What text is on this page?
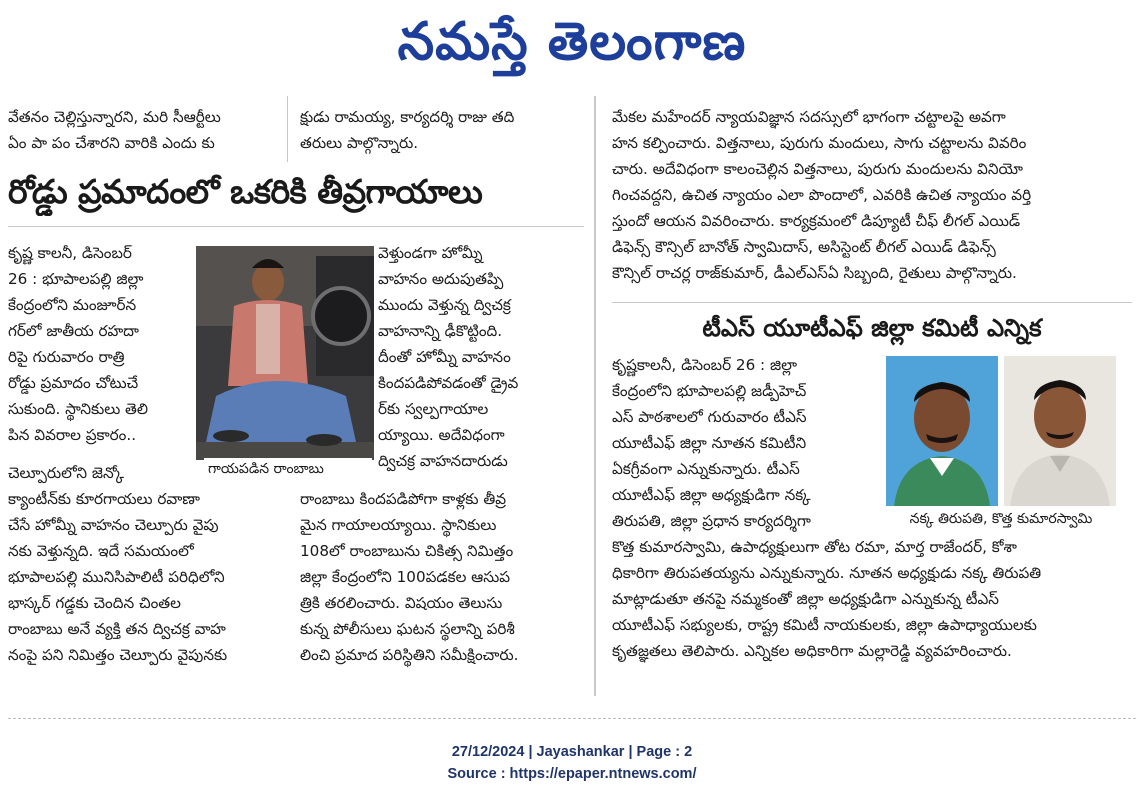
నమస్తే తెలంగాణ

వేతనం చెల్లిస్తున్నారని, మరి సీఆర్టీలు

ఏం పా పం చేశారని వారికి ఎందు కు

క్షుడు రామయ్య, కార్యదర్శి రాజు తది

తరులు పాల్గొన్నారు.

రోడ్డు ప్రమాదంలో ఒకరికి తీవ్రగాయాలు

కృష్ణ కాలనీ, డిసెంబర్

26 : భూపాలపల్లి జిల్లా

కేంద్రంలోని మంజూర్‌న

గర్‌లో జాతీయ రహదా

రిపై గురువారం రాత్రి

రోడ్డు ప్రమాదం చోటుచే

సుకుంది. స్థానికులు తెలి

పిన వివరాల ప్రకారం..

గాయపడిన రాంబాబు

వెళ్తుండగా హోమ్నీ

వాహనం అదుపుతప్పి

ముందు వెళ్తున్న ద్విచక్ర

వాహనాన్ని ఢీకొట్టింది.

దీంతో హోమ్నీ వాహనం

కిందపడిపోవడంతో డ్రైవ

ర్‌కు స్వల్పగాయాల

య్యాయి. అదేవిధంగా

ద్విచక్ర వాహనదారుడు

చెల్పూరులోని జెన్కో

క్యాంటీన్‌కు కూరగాయలు రవాణా

చేసే హోమ్నీ వాహనం చెల్పూరు వైపు

నకు వెళ్తున్నది. ఇదే సమయంలో

భూపాలపల్లి మునిసిపాలిటీ పరిధిలోని

భాస్కర్ గడ్డకు చెందిన చింతల

రాంబాబు అనే వ్యక్తి తన ద్విచక్ర వాహ

నంపై పని నిమిత్తం చెల్పూరు వైపునకు

రాంబాబు కిందపడిపోగా కాళ్లకు తీవ్ర

మైన గాయాలయ్యాయి. స్థానికులు

108లో రాంబాబును చికిత్స నిమిత్తం

జిల్లా కేంద్రంలోని 100పడకల ఆసుప

త్రికి తరలించారు. విషయం తెలుసు

కున్న పోలీసులు ఘటన స్థలాన్ని పరిశీ

లించి ప్రమాద పరిస్థితిని సమీక్షించారు.

మేకల మహేందర్ న్యాయవిజ్ఞాన సదస్సులో భాగంగా చట్టాలపై అవగా

హన కల్పించారు. విత్తనాలు, పురుగు మందులు, సాగు చట్టాలను వివరిం

చారు. అదేవిధంగా కాలంచెల్లిన విత్తనాలు, పురుగు మందులను వినియో

గించవద్దని, ఉచిత న్యాయం ఎలా పొందాలో, ఎవరికి ఉచిత న్యాయం వర్తి

స్తుందో ఆయన వివరించారు. కార్యక్రమంలో డిప్యూటీ చీఫ్ లీగల్ ఎయిడ్

డిఫెన్స్ కౌన్సిల్ బానోత్ స్వామిదాస్, అసిస్టెంట్ లీగల్ ఎయిడ్ డిఫెన్స్

కౌన్సిల్ రాచర్ల రాజ్‌కుమార్, డీఎల్‌ఎస్‌ఏ సిబ్బంది, రైతులు పాల్గొన్నారు.

టీఎస్ యూటీఎఫ్ జిల్లా కమిటీ ఎన్నిక

కృష్ణకాలనీ, డిసెంబర్ 26 : జిల్లా

కేంద్రంలోని భూపాలపల్లి జడ్పీహెచ్

ఎస్ పాఠశాలలో గురువారం టీఎస్

యూటీఎఫ్ జిల్లా నూతన కమిటీని

ఏకగ్రీవంగా ఎన్నుకున్నారు. టీఎస్

యూటీఎఫ్ జిల్లా అధ్యక్షుడిగా నక్క

తిరుపతి, జిల్లా ప్రధాన కార్యదర్శిగా	నక్క తిరుపతి, కొత్త కుమారస్వామి

కొత్త కుమారస్వామి, ఉపాధ్యక్షులుగా తోట రమా, మార్త రాజేందర్, కోశా

ధికారిగా తిరుపతయ్యను ఎన్నుకున్నారు. నూతన అధ్యక్షుడు నక్క తిరుపతి

మాట్లాడుతూ తనపై నమ్మకంతో జిల్లా అధ్యక్షుడిగా ఎన్నుకున్న టీఎస్

యూటీఎఫ్ సభ్యులకు, రాష్ట్ర కమిటీ నాయకులకు, జిల్లా ఉపాధ్యాయులకు

కృతజ్ఞతలు తెలిపారు. ఎన్నికల అధికారిగా మల్లారెడ్డి వ్యవహరించారు.

27/12/2024 | Jayashankar | Page : 2
Source : https://epaper.ntnews.com/
